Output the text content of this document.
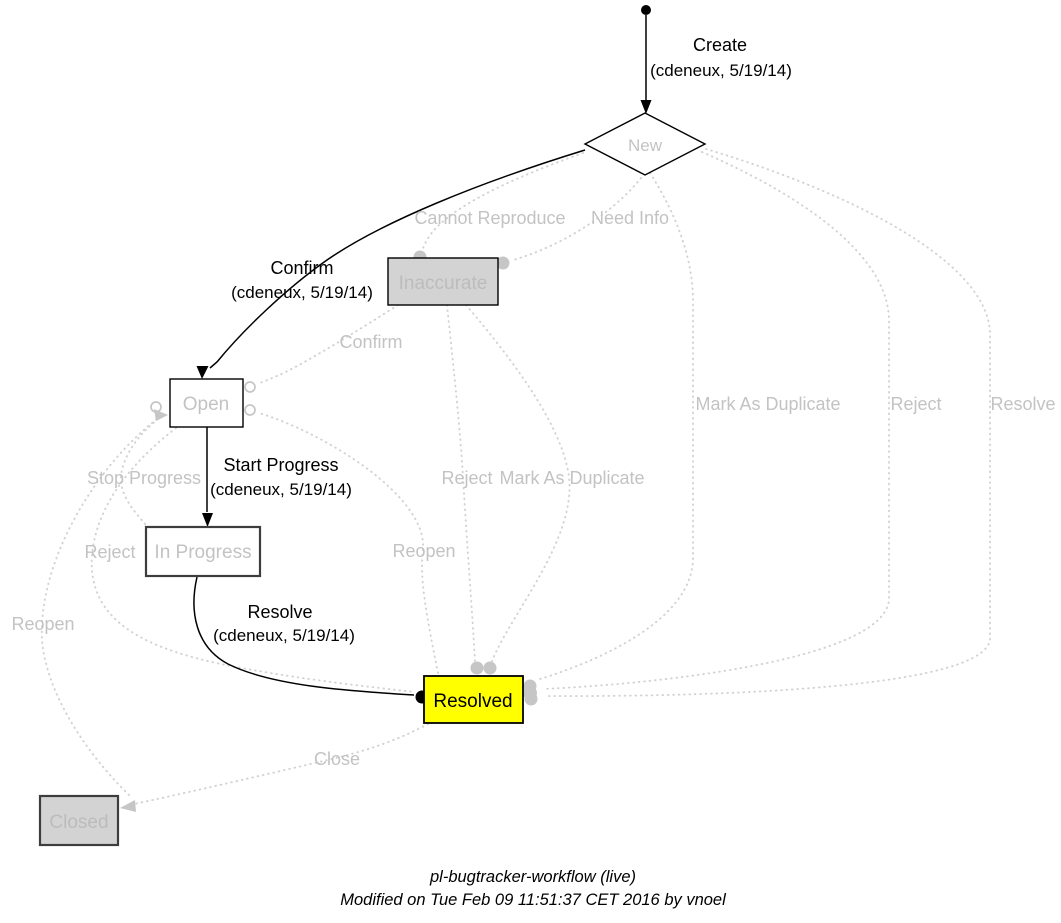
New
Inaccurate
Open
In Progress
Resolved
Closed
Create
(cdeneux, 5/19/14)
Confirm
(cdeneux, 5/19/14)
Start Progress
(cdeneux, 5/19/14)
Resolve
(cdeneux, 5/19/14)
Cannot Reproduce Need Info
Confirm
Mark As Duplicate	Reject	Resolve
Stop Progress	Reject Mark As Duplicate
Reject	Reopen
Reopen
Close
pl-bugtracker-workflow (live)
Modified on Tue Feb 09 11:51:37 CET 2016 by vnoel
